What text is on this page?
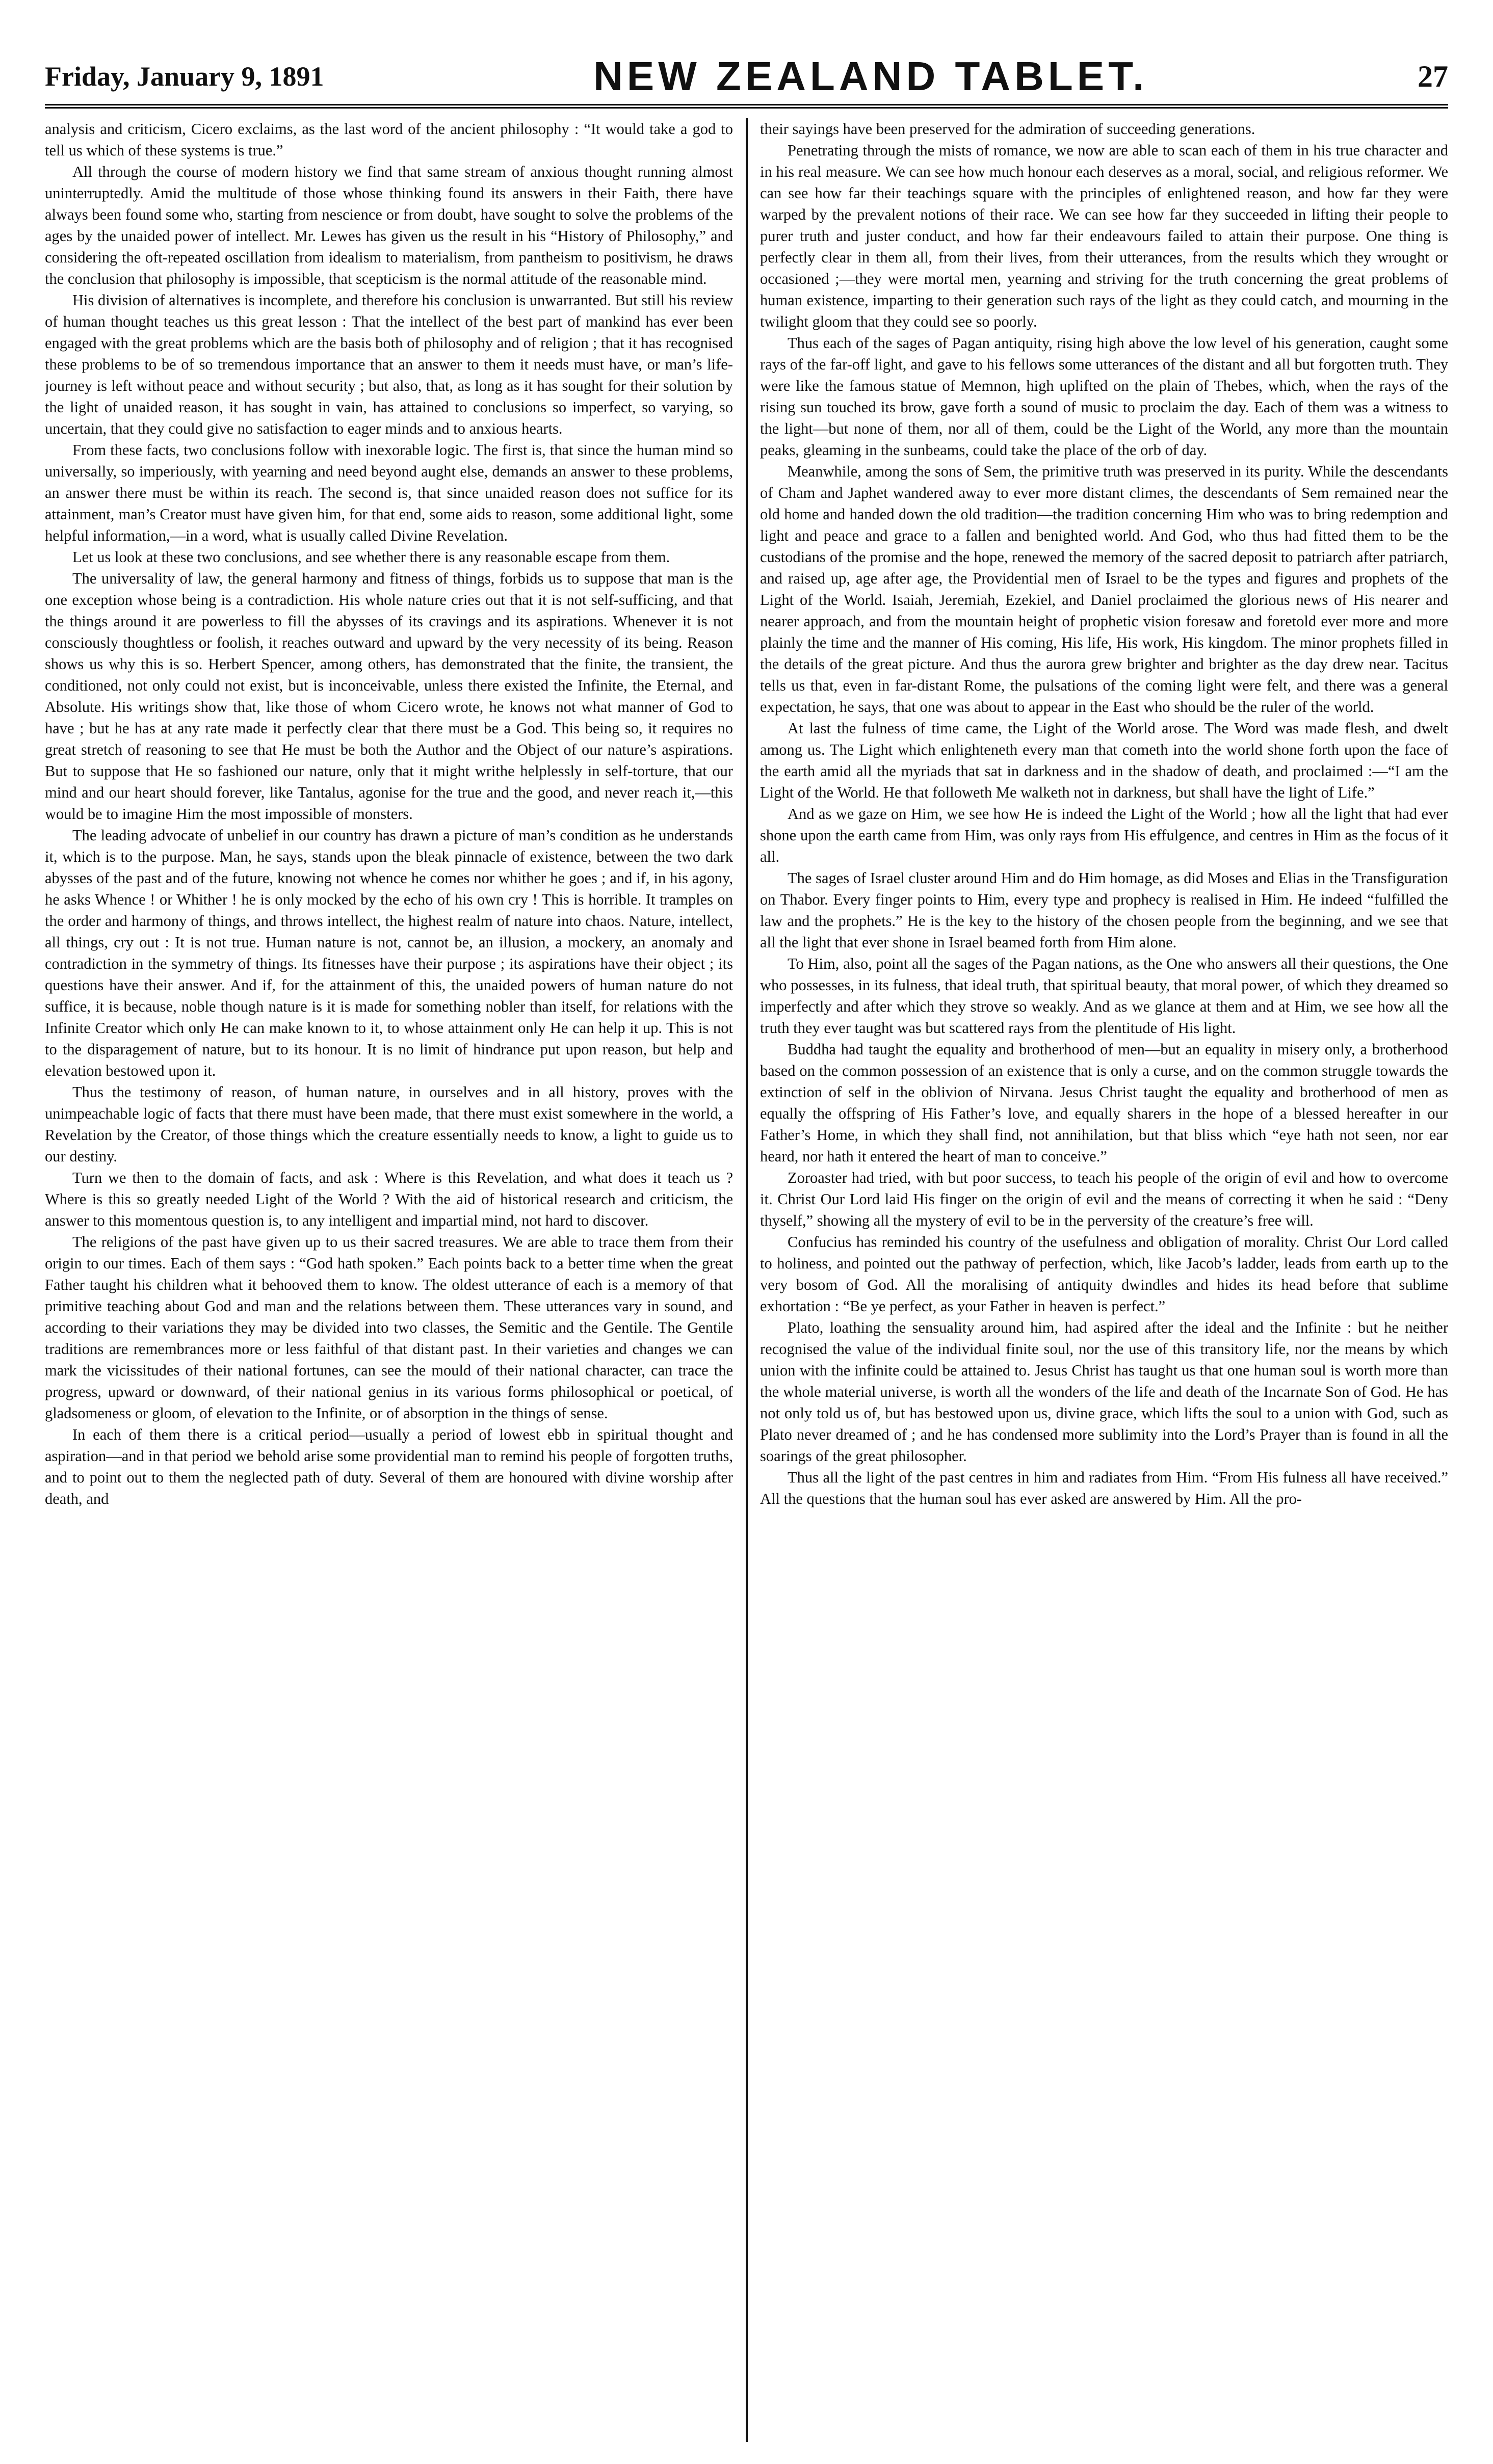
Friday, January 9, 1891	NEW ZEALAND TABLET.	27

analysis and criticism, Cicero exclaims, as the last word of the ancient philosophy : “It would take a god to tell us which of these systems is true.”

All through the course of modern history we find that same stream of anxious thought running almost uninterruptedly. Amid the multitude of those whose thinking found its answers in their Faith, there have always been found some who, starting from nescience or from doubt, have sought to solve the problems of the ages by the unaided power of intellect. Mr. Lewes has given us the result in his “History of Philosophy,” and considering the oft-repeated oscillation from idealism to materialism, from pantheism to positivism, he draws the conclusion that philosophy is impossible, that scepticism is the normal attitude of the reasonable mind.

His division of alternatives is incomplete, and therefore his conclusion is unwarranted. But still his review of human thought teaches us this great lesson : That the intellect of the best part of mankind has ever been engaged with the great problems which are the basis both of philosophy and of religion ; that it has recognised these problems to be of so tremendous importance that an answer to them it needs must have, or man’s life-journey is left without peace and without security ; but also, that, as long as it has sought for their solution by the light of unaided reason, it has sought in vain, has attained to conclusions so imperfect, so varying, so uncertain, that they could give no satisfaction to eager minds and to anxious hearts.

From these facts, two conclusions follow with inexorable logic. The first is, that since the human mind so universally, so imperiously, with yearning and need beyond aught else, demands an answer to these problems, an answer there must be within its reach. The second is, that since unaided reason does not suffice for its attainment, man’s Creator must have given him, for that end, some aids to reason, some additional light, some helpful information,—in a word, what is usually called Divine Revelation.

Let us look at these two conclusions, and see whether there is any reasonable escape from them.

The universality of law, the general harmony and fitness of things, forbids us to suppose that man is the one exception whose being is a contradiction. His whole nature cries out that it is not self-sufficing, and that the things around it are powerless to fill the abysses of its cravings and its aspirations. Whenever it is not consciously thoughtless or foolish, it reaches outward and upward by the very necessity of its being. Reason shows us why this is so. Herbert Spencer, among others, has demonstrated that the finite, the transient, the conditioned, not only could not exist, but is inconceivable, unless there existed the Infinite, the Eternal, and Absolute. His writings show that, like those of whom Cicero wrote, he knows not what manner of God to have ; but he has at any rate made it perfectly clear that there must be a God. This being so, it requires no great stretch of reasoning to see that He must be both the Author and the Object of our nature’s aspirations. But to suppose that He so fashioned our nature, only that it might writhe helplessly in self-torture, that our mind and our heart should forever, like Tantalus, agonise for the true and the good, and never reach it,—this would be to imagine Him the most impossible of monsters.

The leading advocate of unbelief in our country has drawn a picture of man’s condition as he understands it, which is to the purpose. Man, he says, stands upon the bleak pinnacle of existence, between the two dark abysses of the past and of the future, knowing not whence he comes nor whither he goes ; and if, in his agony, he asks Whence ! or Whither ! he is only mocked by the echo of his own cry ! This is horrible. It tramples on the order and harmony of things, and throws intellect, the highest realm of nature into chaos. Nature, intellect, all things, cry out : It is not true. Human nature is not, cannot be, an illusion, a mockery, an anomaly and contradiction in the symmetry of things. Its fitnesses have their purpose ; its aspirations have their object ; its questions have their answer. And if, for the attainment of this, the unaided powers of human nature do not suffice, it is because, noble though nature is it is made for something nobler than itself, for relations with the Infinite Creator which only He can make known to it, to whose attainment only He can help it up. This is not to the disparagement of nature, but to its honour. It is no limit of hindrance put upon reason, but help and elevation bestowed upon it.

Thus the testimony of reason, of human nature, in ourselves and in all history, proves with the unimpeachable logic of facts that there must have been made, that there must exist somewhere in the world, a Revelation by the Creator, of those things which the creature essentially needs to know, a light to guide us to our destiny.

Turn we then to the domain of facts, and ask : Where is this Revelation, and what does it teach us ? Where is this so greatly needed Light of the World ? With the aid of historical research and criticism, the answer to this momentous question is, to any intelligent and impartial mind, not hard to discover.

The religions of the past have given up to us their sacred treasures. We are able to trace them from their origin to our times. Each of them says : “God hath spoken.” Each points back to a better time when the great Father taught his children what it behooved them to know. The oldest utterance of each is a memory of that primitive teaching about God and man and the relations between them. These utterances vary in sound, and according to their variations they may be divided into two classes, the Semitic and the Gentile. The Gentile traditions are remembrances more or less faithful of that distant past. In their varieties and changes we can mark the vicissitudes of their national fortunes, can see the mould of their national character, can trace the progress, upward or downward, of their national genius in its various forms philosophical or poetical, of gladsomeness or gloom, of elevation to the Infinite, or of absorption in the things of sense.

In each of them there is a critical period—usually a period of lowest ebb in spiritual thought and aspiration—and in that period we behold arise some providential man to remind his people of forgotten truths, and to point out to them the neglected path of duty. Several of them are honoured with divine worship after death, and

their sayings have been preserved for the admiration of succeeding generations.

Penetrating through the mists of romance, we now are able to scan each of them in his true character and in his real measure. We can see how much honour each deserves as a moral, social, and religious reformer. We can see how far their teachings square with the principles of enlightened reason, and how far they were warped by the prevalent notions of their race. We can see how far they succeeded in lifting their people to purer truth and juster conduct, and how far their endeavours failed to attain their purpose. One thing is perfectly clear in them all, from their lives, from their utterances, from the results which they wrought or occasioned ;—they were mortal men, yearning and striving for the truth concerning the great problems of human existence, imparting to their generation such rays of the light as they could catch, and mourning in the twilight gloom that they could see so poorly.

Thus each of the sages of Pagan antiquity, rising high above the low level of his generation, caught some rays of the far-off light, and gave to his fellows some utterances of the distant and all but forgotten truth. They were like the famous statue of Memnon, high uplifted on the plain of Thebes, which, when the rays of the rising sun touched its brow, gave forth a sound of music to proclaim the day. Each of them was a witness to the light—but none of them, nor all of them, could be the Light of the World, any more than the mountain peaks, gleaming in the sunbeams, could take the place of the orb of day.

Meanwhile, among the sons of Sem, the primitive truth was preserved in its purity. While the descendants of Cham and Japhet wandered away to ever more distant climes, the descendants of Sem remained near the old home and handed down the old tradition—the tradition concerning Him who was to bring redemption and light and peace and grace to a fallen and benighted world. And God, who thus had fitted them to be the custodians of the promise and the hope, renewed the memory of the sacred deposit to patriarch after patriarch, and raised up, age after age, the Providential men of Israel to be the types and figures and prophets of the Light of the World. Isaiah, Jeremiah, Ezekiel, and Daniel proclaimed the glorious news of His nearer and nearer approach, and from the mountain height of prophetic vision foresaw and foretold ever more and more plainly the time and the manner of His coming, His life, His work, His kingdom. The minor prophets filled in the details of the great picture. And thus the aurora grew brighter and brighter as the day drew near. Tacitus tells us that, even in far-distant Rome, the pulsations of the coming light were felt, and there was a general expectation, he says, that one was about to appear in the East who should be the ruler of the world.

At last the fulness of time came, the Light of the World arose. The Word was made flesh, and dwelt among us. The Light which enlighteneth every man that cometh into the world shone forth upon the face of the earth amid all the myriads that sat in darkness and in the shadow of death, and proclaimed :—“I am the Light of the World. He that followeth Me walketh not in darkness, but shall have the light of Life.”

And as we gaze on Him, we see how He is indeed the Light of the World ; how all the light that had ever shone upon the earth came from Him, was only rays from His effulgence, and centres in Him as the focus of it all.

The sages of Israel cluster around Him and do Him homage, as did Moses and Elias in the Transfiguration on Thabor. Every finger points to Him, every type and prophecy is realised in Him. He indeed “fulfilled the law and the prophets.” He is the key to the history of the chosen people from the beginning, and we see that all the light that ever shone in Israel beamed forth from Him alone.

To Him, also, point all the sages of the Pagan nations, as the One who answers all their questions, the One who possesses, in its fulness, that ideal truth, that spiritual beauty, that moral power, of which they dreamed so imperfectly and after which they strove so weakly. And as we glance at them and at Him, we see how all the truth they ever taught was but scattered rays from the plentitude of His light.

Buddha had taught the equality and brotherhood of men—but an equality in misery only, a brotherhood based on the common possession of an existence that is only a curse, and on the common struggle towards the extinction of self in the oblivion of Nirvana. Jesus Christ taught the equality and brotherhood of men as equally the offspring of His Father’s love, and equally sharers in the hope of a blessed hereafter in our Father’s Home, in which they shall find, not annihilation, but that bliss which “eye hath not seen, nor ear heard, nor hath it entered the heart of man to conceive.”

Zoroaster had tried, with but poor success, to teach his people of the origin of evil and how to overcome it. Christ Our Lord laid His finger on the origin of evil and the means of correcting it when he said : “Deny thyself,” showing all the mystery of evil to be in the perversity of the creature’s free will.

Confucius has reminded his country of the usefulness and obligation of morality. Christ Our Lord called to holiness, and pointed out the pathway of perfection, which, like Jacob’s ladder, leads from earth up to the very bosom of God. All the moralising of antiquity dwindles and hides its head before that sublime exhortation : “Be ye perfect, as your Father in heaven is perfect.”

Plato, loathing the sensuality around him, had aspired after the ideal and the Infinite : but he neither recognised the value of the individual finite soul, nor the use of this transitory life, nor the means by which union with the infinite could be attained to. Jesus Christ has taught us that one human soul is worth more than the whole material universe, is worth all the wonders of the life and death of the Incarnate Son of God. He has not only told us of, but has bestowed upon us, divine grace, which lifts the soul to a union with God, such as Plato never dreamed of ; and he has condensed more sublimity into the Lord’s Prayer than is found in all the soarings of the great philosopher.

Thus all the light of the past centres in him and radiates from Him. “From His fulness all have received.” All the questions that the human soul has ever asked are answered by Him. All the pro-
